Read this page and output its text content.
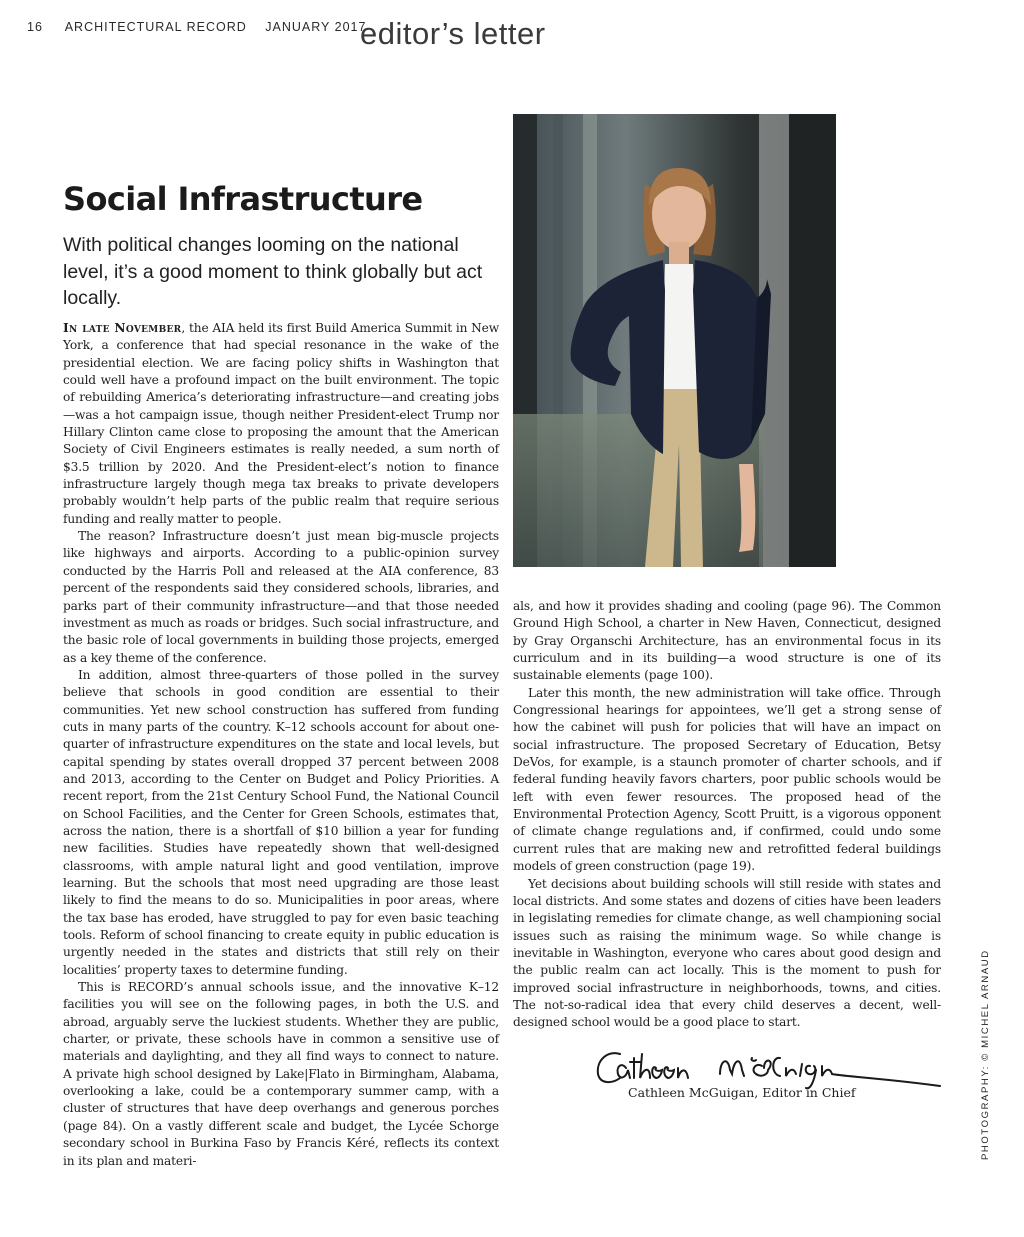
16 ARCHITECTURAL RECORD JANUARY 2017
editor’s letter
Social Infrastructure

With political changes looming on the national level, it’s a good moment to think globally but act locally.

In late November, the AIA held its first Build America Summit in New York, a conference that had special resonance in the wake of the presidential election. We are facing policy shifts in Washington that could well have a profound impact on the built environment. The topic of rebuilding America’s deteriorating infrastructure—and creating jobs—was a hot campaign issue, though neither President-elect Trump nor Hillary Clinton came close to proposing the amount that the American Society of Civil Engineers estimates is really needed, a sum north of $3.5 trillion by 2020. And the President-elect’s notion to finance infrastructure largely though mega tax breaks to private developers probably wouldn’t help parts of the public realm that require serious funding and really matter to people.

The reason? Infrastructure doesn’t just mean big-muscle projects like highways and airports. According to a public-opinion survey conducted by the Harris Poll and released at the AIA conference, 83 percent of the respondents said they considered schools, libraries, and parks part of their community infrastructure—and that those needed investment as much as roads or bridges. Such social infrastructure, and the basic role of local governments in building those projects, emerged as a key theme of the conference.

In addition, almost three-quarters of those polled in the survey believe that schools in good condition are essential to their communities. Yet new school construction has suffered from funding cuts in many parts of the country. K–12 schools account for about one-quarter of infrastructure expenditures on the state and local levels, but capital spending by states overall dropped 37 percent between 2008 and 2013, according to the Center on Budget and Policy Priorities. A recent report, from the 21st Century School Fund, the National Council on School Facilities, and the Center for Green Schools, estimates that, across the nation, there is a shortfall of $10 billion a year for funding new facilities. Studies have repeatedly shown that well-designed classrooms, with ample natural light and good ventilation, improve learning. But the schools that most need upgrading are those least likely to find the means to do so. Municipalities in poor areas, where the tax base has eroded, have struggled to pay for even basic teaching tools. Reform of school financing to create equity in public education is urgently needed in the states and districts that still rely on their localities’ property taxes to determine funding.

This is RECORD’s annual schools issue, and the innovative K–12 facilities you will see on the following pages, in both the U.S. and abroad, arguably serve the luckiest students. Whether they are public, charter, or private, these schools have in common a sensitive use of materials and daylighting, and they all find ways to connect to nature. A private high school designed by Lake|Flato in Birmingham, Alabama, overlooking a lake, could be a contemporary summer camp, with a cluster of structures that have deep overhangs and generous porches (page 84). On a vastly different scale and budget, the Lycée Schorge secondary school in Burkina Faso by Francis Kéré, reflects its context in its plan and materi-

als, and how it provides shading and cooling (page 96). The Common Ground High School, a charter in New Haven, Connecticut, designed by Gray Organschi Architecture, has an environmental focus in its curriculum and in its building—a wood structure is one of its sustainable elements (page 100).

Later this month, the new administration will take office. Through Congressional hearings for appointees, we’ll get a strong sense of how the cabinet will push for policies that will have an impact on social infrastructure. The proposed Secretary of Education, Betsy DeVos, for example, is a staunch promoter of charter schools, and if federal funding heavily favors charters, poor public schools would be left with even fewer resources. The proposed head of the Environmental Protection Agency, Scott Pruitt, is a vigorous opponent of climate change regulations and, if confirmed, could undo some current rules that are making new and retrofitted federal buildings models of green construction (page 19).

Yet decisions about building schools will still reside with states and local districts. And some states and dozens of cities have been leaders in legislating remedies for climate change, as well championing social issues such as raising the minimum wage. So while change is inevitable in Washington, everyone who cares about good design and the public realm can act locally. This is the moment to push for improved social infrastructure in neighborhoods, towns, and cities. The not-so-radical idea that every child deserves a decent, well-designed school would be a good place to start.

Cathleen McGuigan, Editor in Chief	PHOTOGRAPHY: © MICHEL ARNAUD
